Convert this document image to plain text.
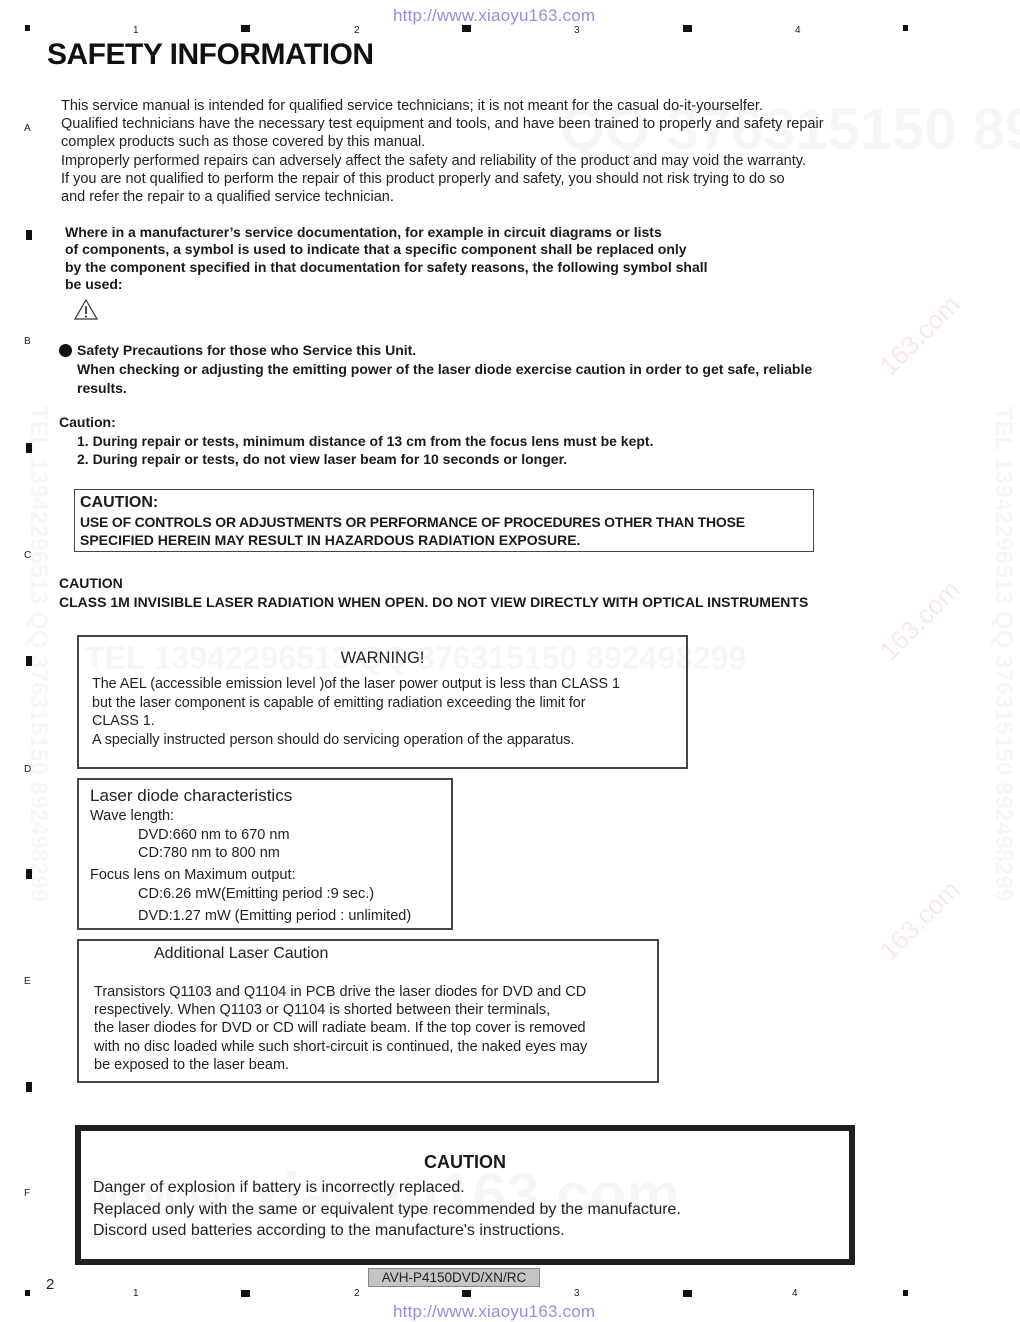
163.com
163.com
163.com
http://www.xiaoyu163.com
1	2	3	4
A
B
C
D
E
F
SAFETY INFORMATION
This service manual is intended for qualified service technicians; it is not meant for the casual do-it-yourselfer.
Qualified technicians have the necessary test equipment and tools, and have been trained to properly and safety repair
complex products such as those covered by this manual.
Improperly performed repairs can adversely affect the safety and reliability of the product and may void the warranty.
If you are not qualified to perform the repair of this product properly and safety, you should not risk trying to do so
and refer the repair to a qualified service technician.
Where in a manufacturer’s service documentation, for example in circuit diagrams or lists
of components, a symbol is used to indicate that a specific component shall be replaced only
by the component specified in that documentation for safety reasons, the following symbol shall
be used:
Safety Precautions for those who Service this Unit.
When checking or adjusting the emitting power of the laser diode exercise caution in order to get safe, reliable
results.
Caution:
1. During repair or tests, minimum distance of 13 cm from the focus lens must be kept.
2. During repair or tests, do not view laser beam for 10 seconds or longer.
CAUTION:
USE OF CONTROLS OR ADJUSTMENTS OR PERFORMANCE OF PROCEDURES OTHER THAN THOSE
SPECIFIED HEREIN MAY RESULT IN HAZARDOUS RADIATION EXPOSURE.
CAUTION
CLASS 1M INVISIBLE LASER RADIATION WHEN OPEN. DO NOT VIEW DIRECTLY WITH OPTICAL INSTRUMENTS
WARNING!
The AEL (accessible emission level )of the laser power output is less than CLASS 1
but the laser component is capable of emitting radiation exceeding the limit for
CLASS 1.
A specially instructed person should do servicing operation of the apparatus.
Laser diode characteristics
Wave length:
DVD:660 nm to 670 nm
CD:780 nm to 800 nm
Focus lens on Maximum output:
CD:6.26 mW(Emitting period :9 sec.)
DVD:1.27 mW (Emitting period : unlimited)
Additional Laser Caution
Transistors Q1103 and Q1104 in PCB drive the laser diodes for DVD and CD
respectively. When Q1103 or Q1104 is shorted between their terminals,
the laser diodes for DVD or CD will radiate beam. If the top cover is removed
with no disc loaded while such short-circuit is continued, the naked eyes may
be exposed to the laser beam.
CAUTION
Danger of explosion if battery is incorrectly replaced.
Replaced only with the same or equivalent type recommended by the manufacture.
Discord used batteries according to the manufacture's instructions.
2	AVH-P4150DVD/XN/RC
1	2	3	4
http://www.xiaoyu163.com
